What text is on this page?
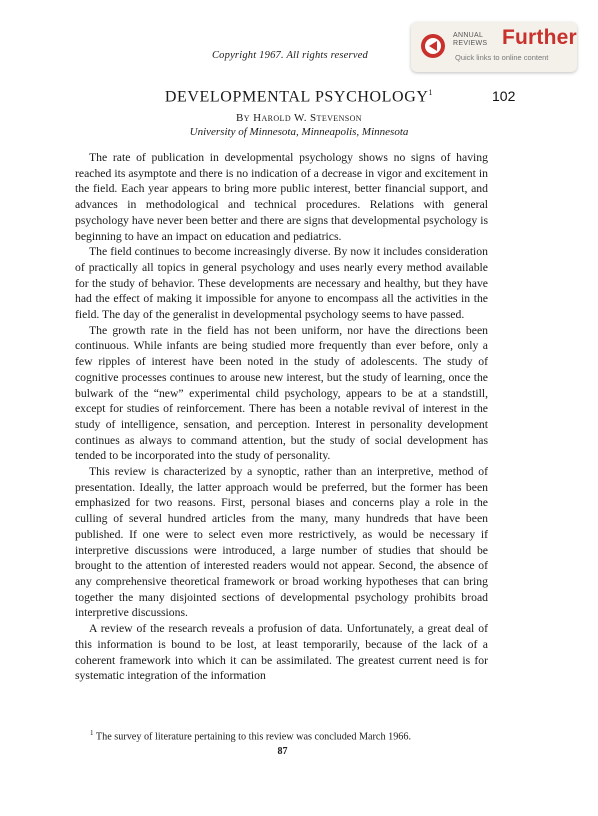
Copyright 1967. All rights reserved
ANNUAL
REVIEWS Further
Quick links to online content
DEVELOPMENTAL PSYCHOLOGY$^1$	102
By Harold W. Stevenson
University of Minnesota, Minneapolis, Minnesota

The rate of publication in developmental psychology shows no signs of having reached its asymptote and there is no indication of a decrease in vigor and excitement in the field. Each year appears to bring more public interest, better financial support, and advances in methodological and technical procedures. Relations with general psychology have never been better and there are signs that developmental psychology is beginning to have an impact on education and pediatrics.

The field continues to become increasingly diverse. By now it includes consideration of practically all topics in general psychology and uses nearly every method available for the study of behavior. These developments are necessary and healthy, but they have had the effect of making it impossible for anyone to encompass all the activities in the field. The day of the generalist in developmental psychology seems to have passed.

The growth rate in the field has not been uniform, nor have the directions been continuous. While infants are being studied more frequently than ever before, only a few ripples of interest have been noted in the study of adolescents. The study of cognitive processes continues to arouse new interest, but the study of learning, once the bulwark of the “new” experimental child psychology, appears to be at a standstill, except for studies of reinforcement. There has been a notable revival of interest in the study of intelligence, sensation, and perception. Interest in personality development continues as always to command attention, but the study of social development has tended to be incorporated into the study of personality.

This review is characterized by a synoptic, rather than an interpretive, method of presentation. Ideally, the latter approach would be preferred, but the former has been emphasized for two reasons. First, personal biases and concerns play a role in the culling of several hundred articles from the many, many hundreds that have been published. If one were to select even more restrictively, as would be necessary if interpretive discussions were introduced, a large number of studies that should be brought to the attention of interested readers would not appear. Second, the absence of any comprehensive theoretical framework or broad working hypotheses that can bring together the many disjointed sections of developmental psychology prohibits broad interpretive discussions.

A review of the research reveals a profusion of data. Unfortunately, a great deal of this information is bound to be lost, at least temporarily, because of the lack of a coherent framework into which it can be assimilated. The greatest current need is for systematic integration of the information

$^1$ The survey of literature pertaining to this review was concluded March 1966.
87
